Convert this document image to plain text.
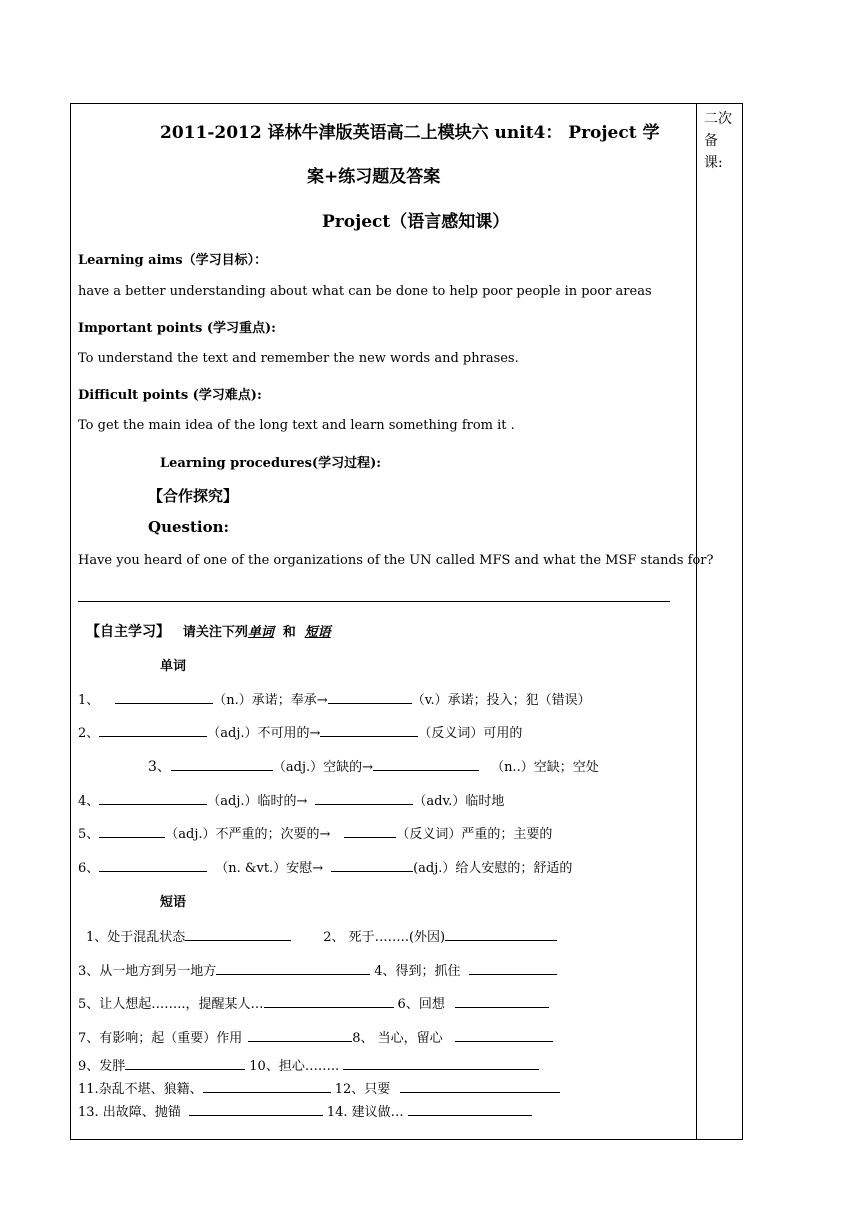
二次
备
课:
2011-2012 译林牛津版英语高二上模块六 unit4： Project 学
案+练习题及答案
Project（语言感知课）
Learning aims（学习目标）：
have a better understanding about what can be done to help poor people in poor areas
Important points (学习重点):
To understand the text and remember the new words and phrases.
Difficult points (学习难点):
To get the main idea of the long text and learn something from it .
Learning procedures(学习过程):
【合作探究】
Question:
Have you heard of one of the organizations of the UN called MFS and what the MSF stands for?
【自主学习】 请关注下列单词 和 短语
单词
1、	（n.）承诺；奉承→	（v.）承诺；投入；犯（错误）
2、	（adj.）不可用的→	（反义词）可用的
3、	（adj.）空缺的→	（n..）空缺；空处
4、	（adj.）临时的→	（adv.）临时地
5、	（adj.）不严重的；次要的→	（反义词）严重的；主要的
6、	（n. &vt.）安慰→	(adj.）给人安慰的；舒适的
短语
1、处于混乱状态	2、 死于……..(外因)
3、从一地方到另一地方	4、得到；抓住
5、让人想起……..，提醒某人…	6、回想
7、有影响；起（重要）作用	8、 当心，留心
9、发胖	10、担心……..
11.杂乱不堪、狼籍、	12、只要
13. 出故障、抛锚	14. 建议做…
